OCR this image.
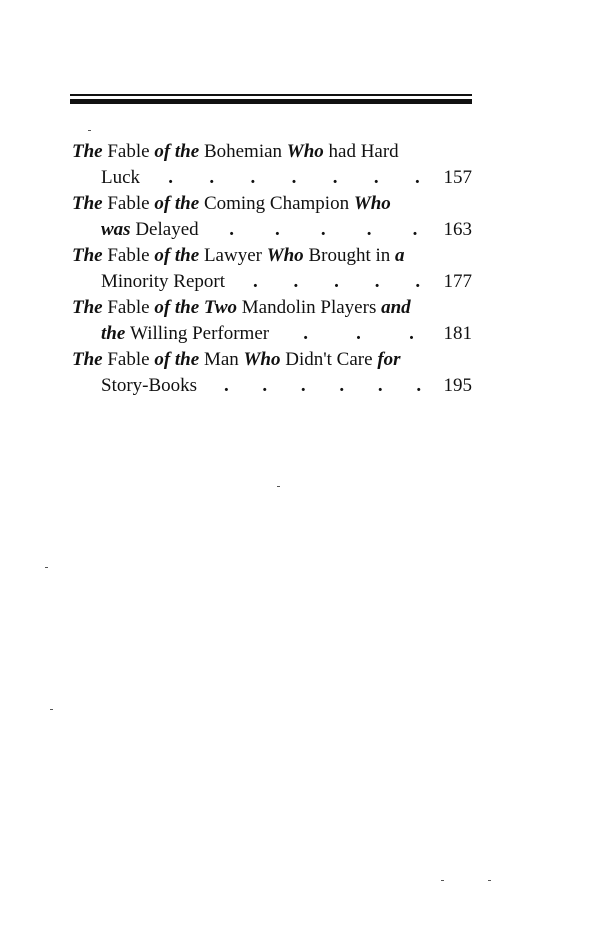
The Fable of the Bohemian Who had Hard
Luck . . . . . . . 157
The Fable of the Coming Champion Who
was
Delayed . . . . . 163
The Fable of the Lawyer Who Brought in a
Minority Report . . . . . 177
The Fable of the Two Mandolin Players and
the
Willing Performer .	.	. 181
The Fable of the Man Who Didn't Care for
Story-Books . . . . . . 195
